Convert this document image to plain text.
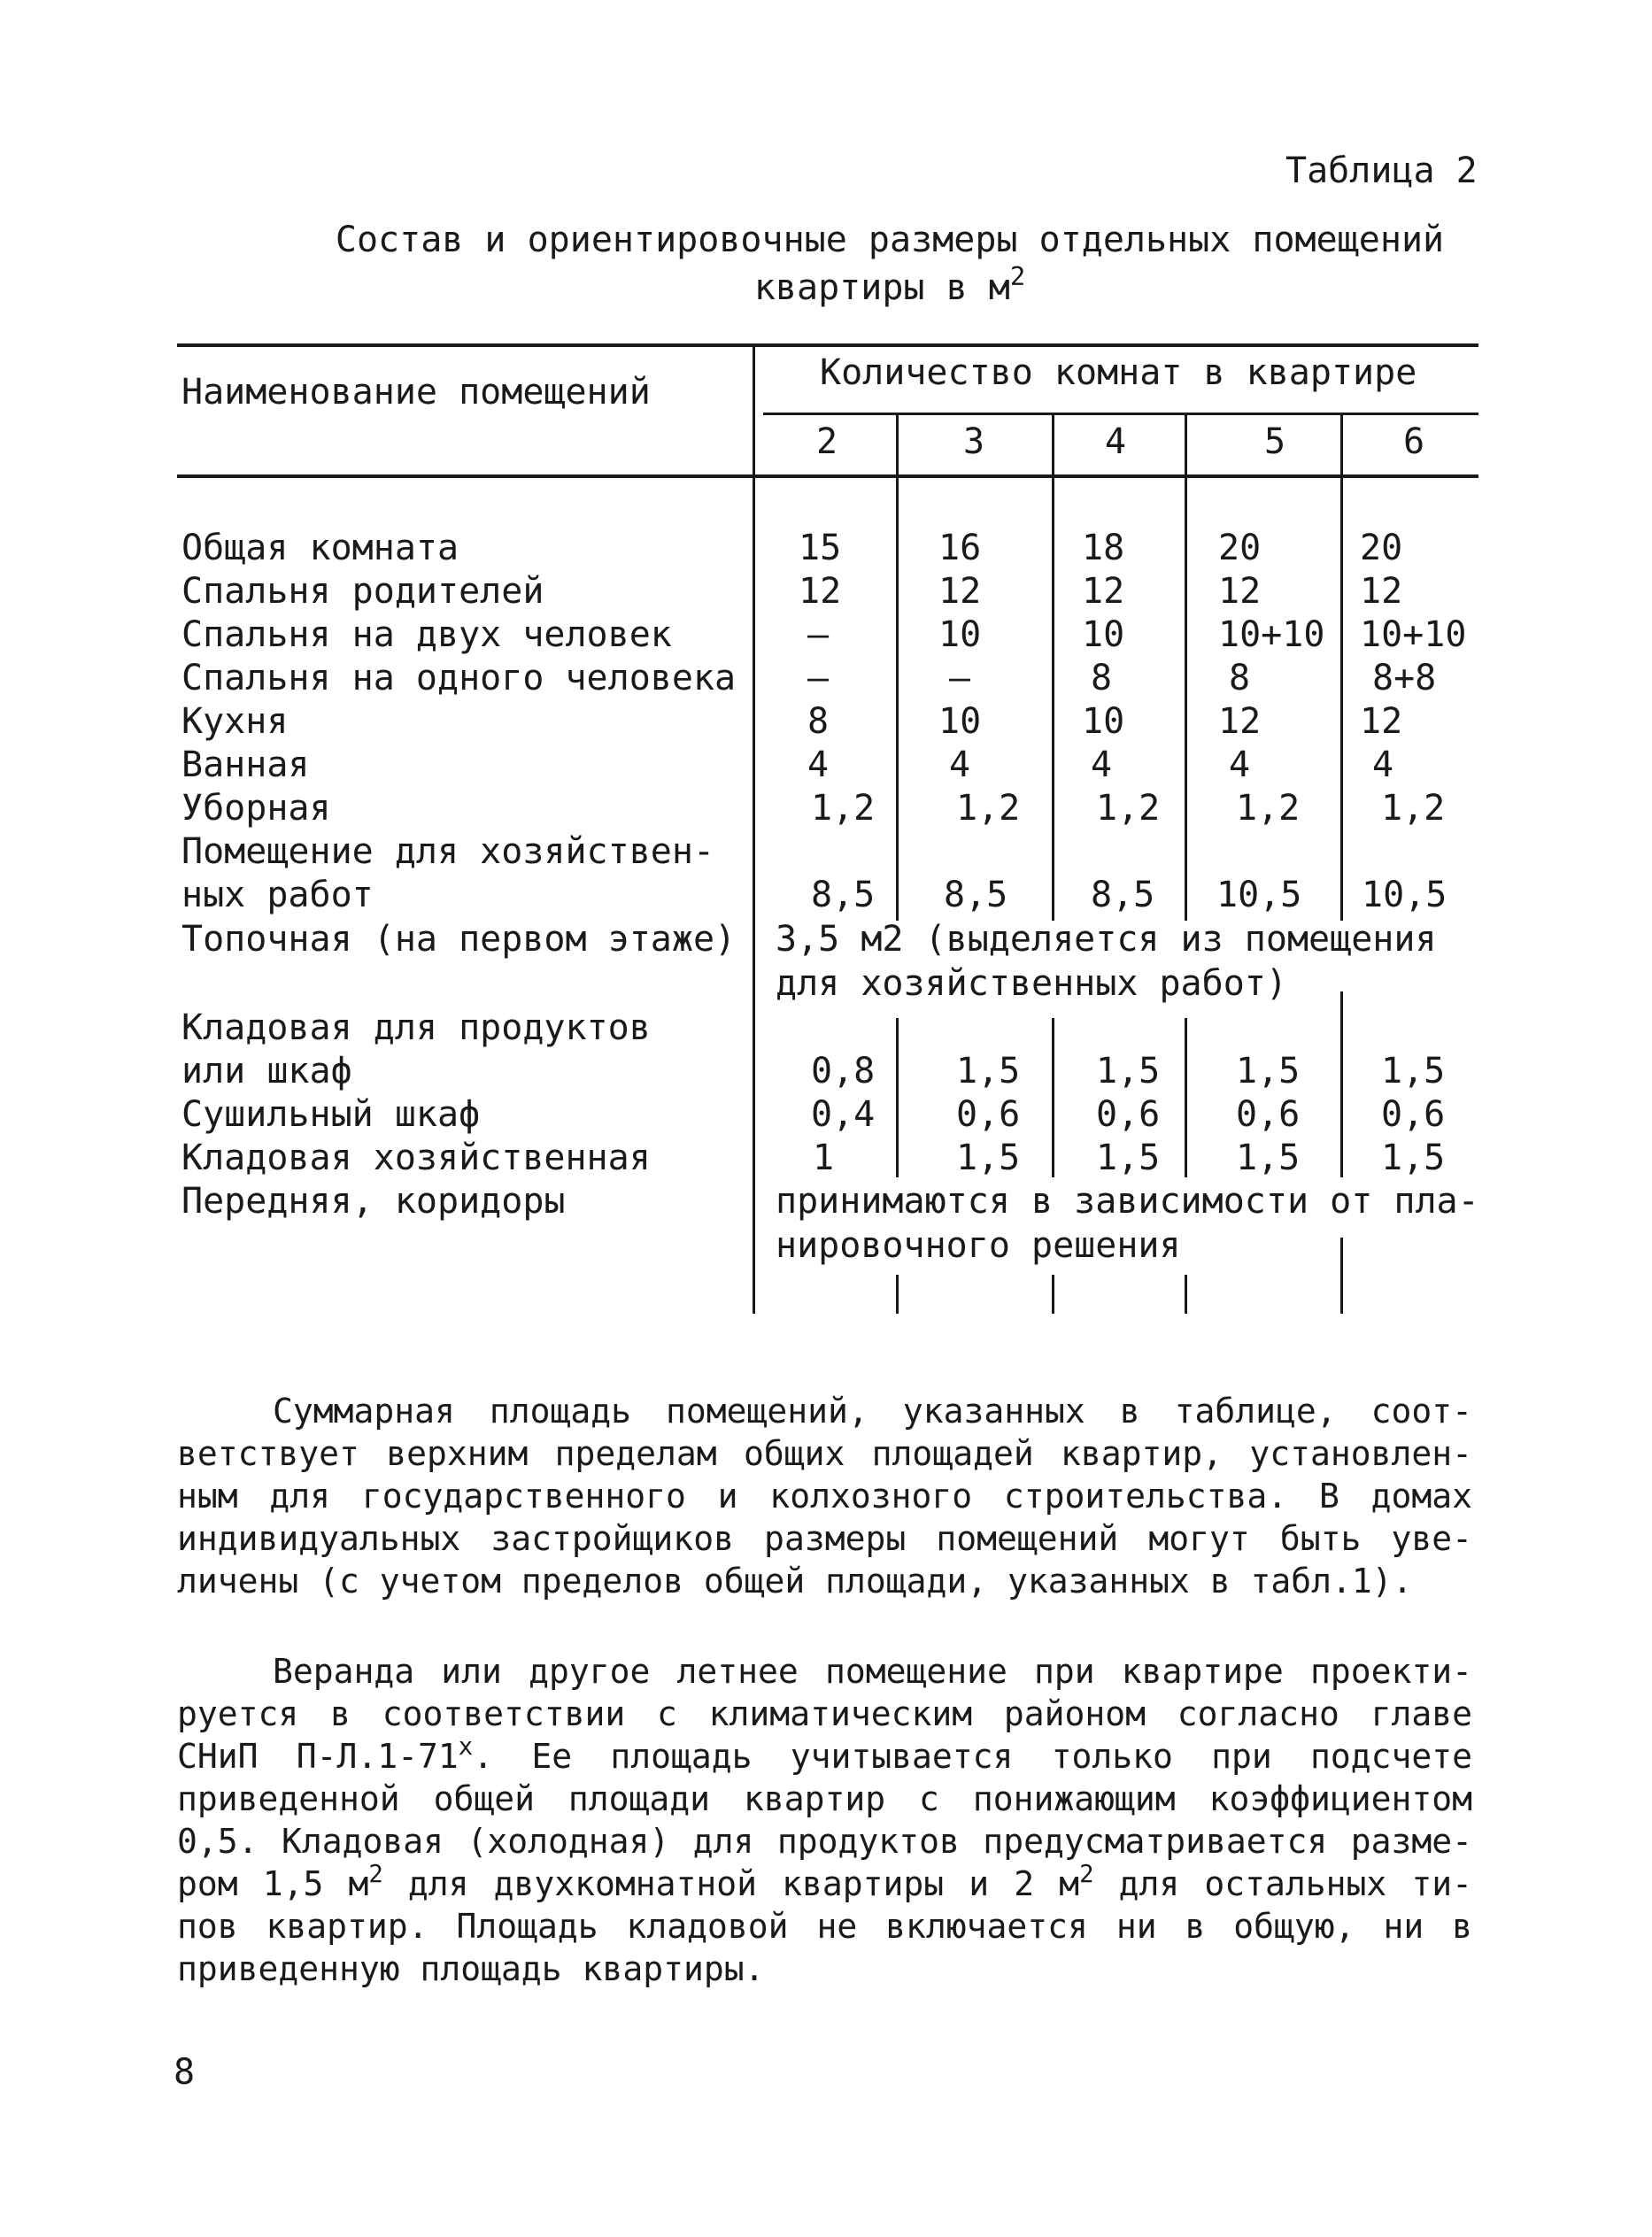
Таблица 2
Состав и ориентировочные размеры отдельных помещений
квартиры в $м^2$
Наименование помещений	Количество комнат в квартире
2	3	4	5	6
Общая комната	15	16	18	20	20
Спальня родителей	12	12	12	12	12
Спальня на двух человек	–	10	10	10+10 10+10
Спальня на одного человека –	–	8	8	8+8
Кухня	8	10	10	12	12
Ванная	4	4	4	4	4
Уборная	1,2 1,2 1,2 1,2 1,2
Помещение для хозяйствен-
ных работ	8,5 8,5 8,5 10,5 10,5
Топочная (на первом этаже) 3,5 м2 (выделяется из помещения
для хозяйственных работ)
Кладовая для продуктов
или шкаф	0,8 1,5 1,5 1,5 1,5
Сушильный шкаф	0,4 0,6 0,6 0,6 0,6
Кладовая хозяйственная	1	1,5 1,5 1,5 1,5
Передняя, коридоры	принимаются в зависимости от пла-
нировочного решения
Суммарная площадь помещений, указанных в таблице, соот-
ветствует верхним пределам общих площадей квартир, установлен-
ным для государственного и колхозного строительства. В домах
индивидуальных застройщиков размеры помещений могут быть уве-
личены (с учетом пределов общей площади, указанных в табл.1).
Веранда или другое летнее помещение при квартире проекти-
руется в соответствии с климатическим районом согласно главе
СНиП $П-Л.1-71^х$. Ее площадь учитывается только при подсчете
приведенной общей площади квартир с понижающим коэффициентом
0,5. Кладовая (холодная) для продуктов предусматривается разме-
ром 1,5 $м^2$ для двухкомнатной квартиры и 2 $м^2$ для остальных ти-
пов квартир. Площадь кладовой не включается ни в общую, ни в
приведенную площадь квартиры.
8
